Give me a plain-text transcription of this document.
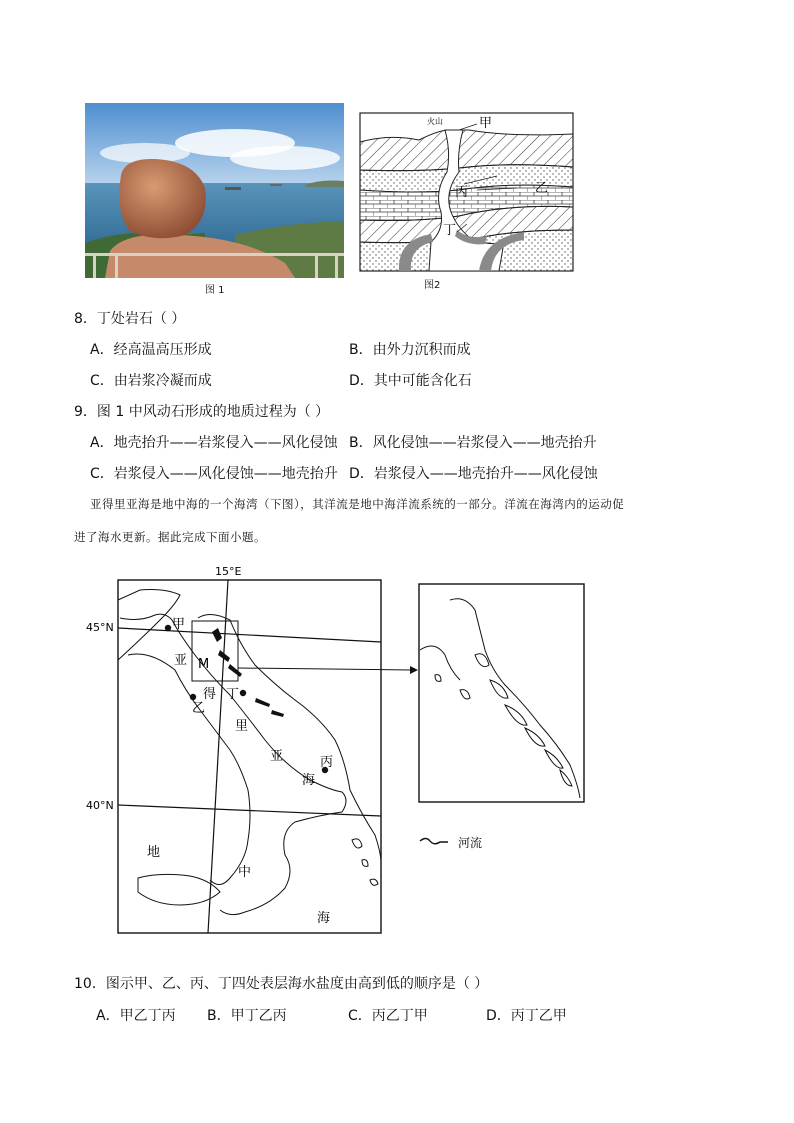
图 1
火山	甲
丙	乙
丁
图2
8．丁处岩石（ ）
A．经高温高压形成	B．由外力沉积而成
C．由岩浆冷凝而成	D．其中可能含化石
9．图 1 中风动石形成的地质过程为（ ）
A．地壳抬升——岩浆侵入——风化侵蚀 B．风化侵蚀——岩浆侵入——地壳抬升
C．岩浆侵入——风化侵蚀——地壳抬升 D．岩浆侵入——地壳抬升——风化侵蚀
亚得里亚海是地中海的一个海湾（下图），其洋流是地中海洋流系统的一部分。洋流在海湾内的运动促
进了海水更新。据此完成下面小题。
15°E
45°N
40°N
甲
M
丁
乙
丙
亚
得
里
亚
海
地
中
海
河流
10．图示甲、乙、丙、丁四处表层海水盐度由高到低的顺序是（ ）
A．甲乙丁丙 B．甲丁乙丙	C．丙乙丁甲	D．丙丁乙甲
